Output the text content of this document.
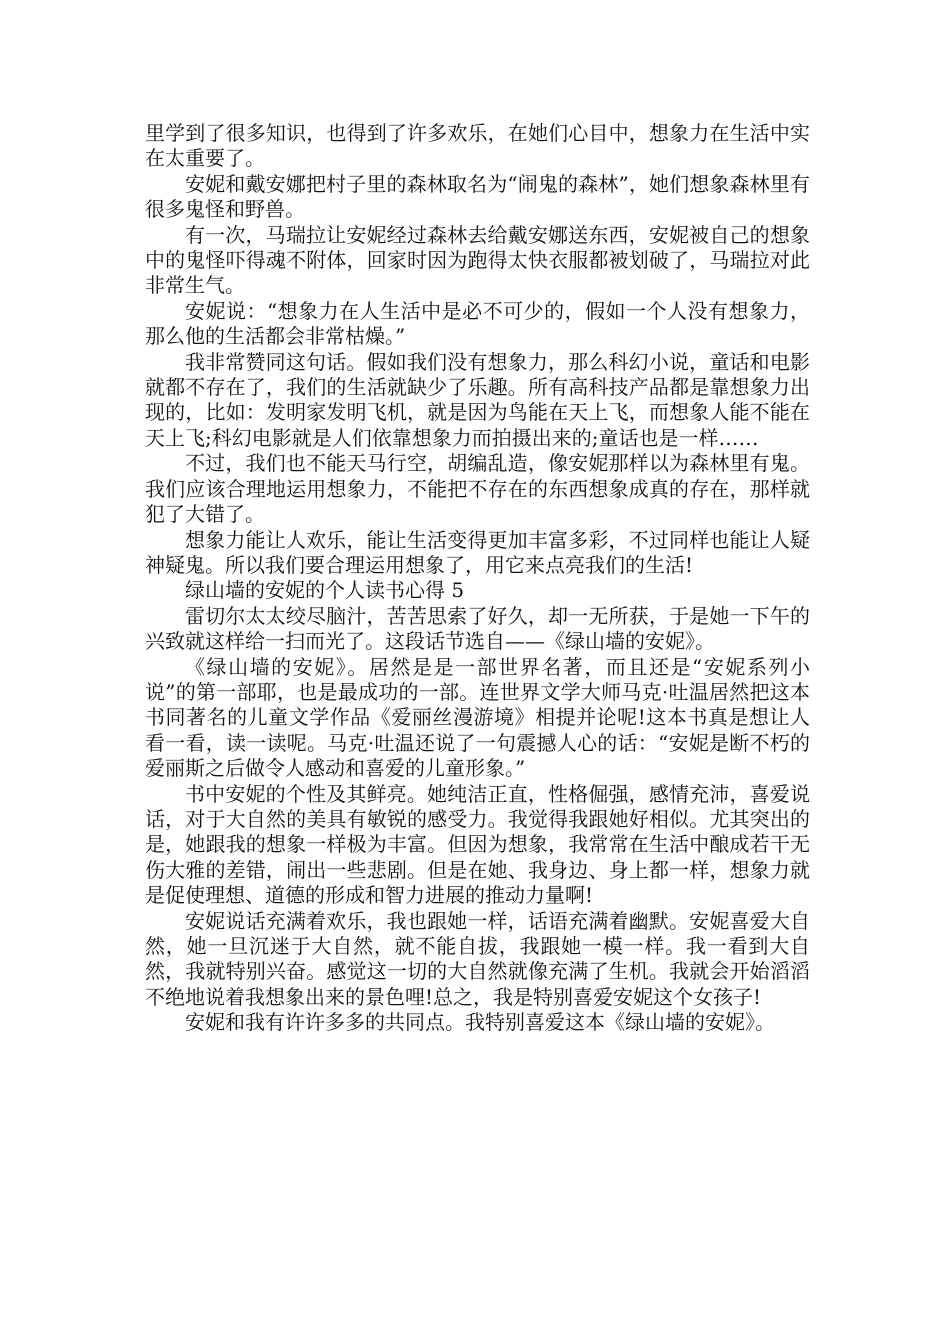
里学到了很多知识，也得到了许多欢乐，在她们心目中，想象力在生活中实在太重要了。

安妮和戴安娜把村子里的森林取名为“闹鬼的森林”，她们想象森林里有很多鬼怪和野兽。

有一次，马瑞拉让安妮经过森林去给戴安娜送东西，安妮被自己的想象中的鬼怪吓得魂不附体，回家时因为跑得太快衣服都被划破了，马瑞拉对此非常生气。

安妮说：“想象力在人生活中是必不可少的，假如一个人没有想象力，那么他的生活都会非常枯燥。”

我非常赞同这句话。假如我们没有想象力，那么科幻小说，童话和电影就都不存在了，我们的生活就缺少了乐趣。所有高科技产品都是靠想象力出现的，比如：发明家发明飞机，就是因为鸟能在天上飞，而想象人能不能在天上飞;科幻电影就是人们依靠想象力而拍摄出来的;童话也是一样……

不过，我们也不能天马行空，胡编乱造，像安妮那样以为森林里有鬼。我们应该合理地运用想象力，不能把不存在的东西想象成真的存在，那样就犯了大错了。

想象力能让人欢乐，能让生活变得更加丰富多彩，不过同样也能让人疑神疑鬼。所以我们要合理运用想象了，用它来点亮我们的生活!

绿山墙的安妮的个人读书心得 5

雷切尔太太绞尽脑汁，苦苦思索了好久，却一无所获，于是她一下午的兴致就这样给一扫而光了。这段话节选自——《绿山墙的安妮》。

《绿山墙的安妮》。居然是是一部世界名著，而且还是“安妮系列小说”的第一部耶，也是最成功的一部。连世界文学大师马克·吐温居然把这本书同著名的儿童文学作品《爱丽丝漫游境》相提并论呢!这本书真是想让人看一看，读一读呢。马克·吐温还说了一句震撼人心的话：“安妮是断不朽的爱丽斯之后做令人感动和喜爱的儿童形象。”

书中安妮的个性及其鲜亮。她纯洁正直，性格倔强，感情充沛，喜爱说话，对于大自然的美具有敏锐的感受力。我觉得我跟她好相似。尤其突出的是，她跟我的想象一样极为丰富。但因为想象，我常常在生活中酿成若干无伤大雅的差错，闹出一些悲剧。但是在她、我身边、身上都一样，想象力就是促使理想、道德的形成和智力进展的推动力量啊!

安妮说话充满着欢乐，我也跟她一样，话语充满着幽默。安妮喜爱大自然，她一旦沉迷于大自然，就不能自拔，我跟她一模一样。我一看到大自然，我就特别兴奋。感觉这一切的大自然就像充满了生机。我就会开始滔滔不绝地说着我想象出来的景色哩!总之，我是特别喜爱安妮这个女孩子!

安妮和我有许许多多的共同点。我特别喜爱这本《绿山墙的安妮》。
